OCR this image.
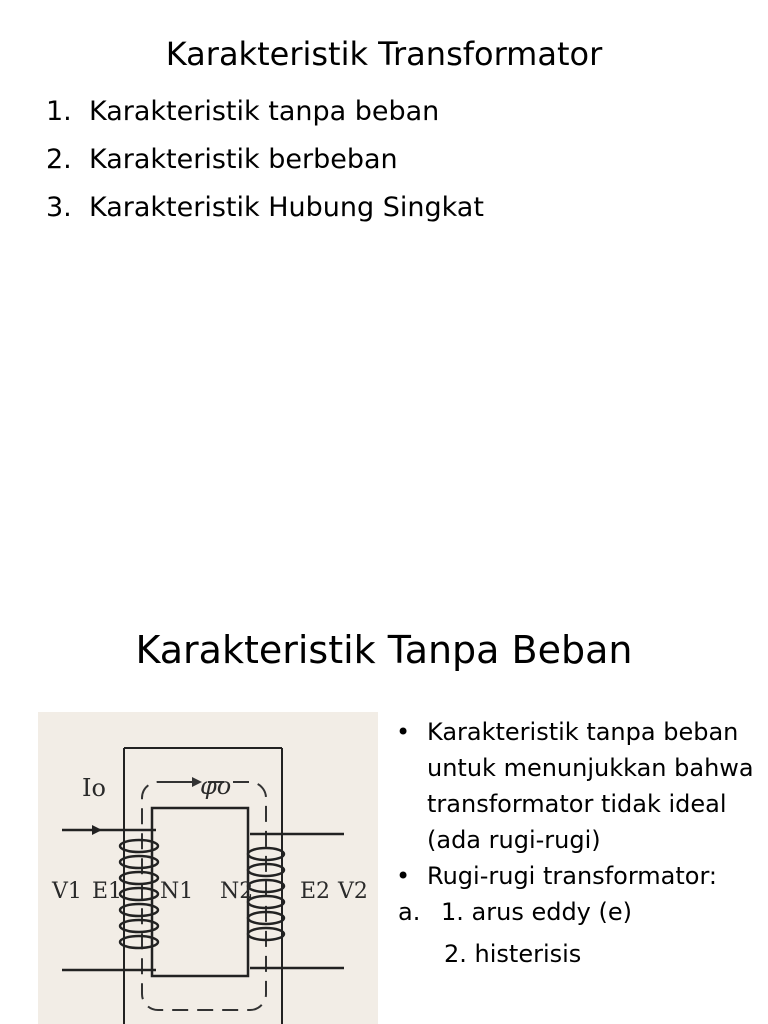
Karakteristik Transformator
1. Karakteristik tanpa beban
2. Karakteristik berbeban
3. Karakteristik Hubung Singkat
Karakteristik Tanpa Beban
φo
Io
V1 E1 N1 N2 E2 V2
• Karakteristik tanpa beban untuk menunjukkan bahwa transformator tidak ideal (ada rugi-rugi)
• Rugi-rugi transformator:
a. 1. arus eddy (e)
2. histerisis
